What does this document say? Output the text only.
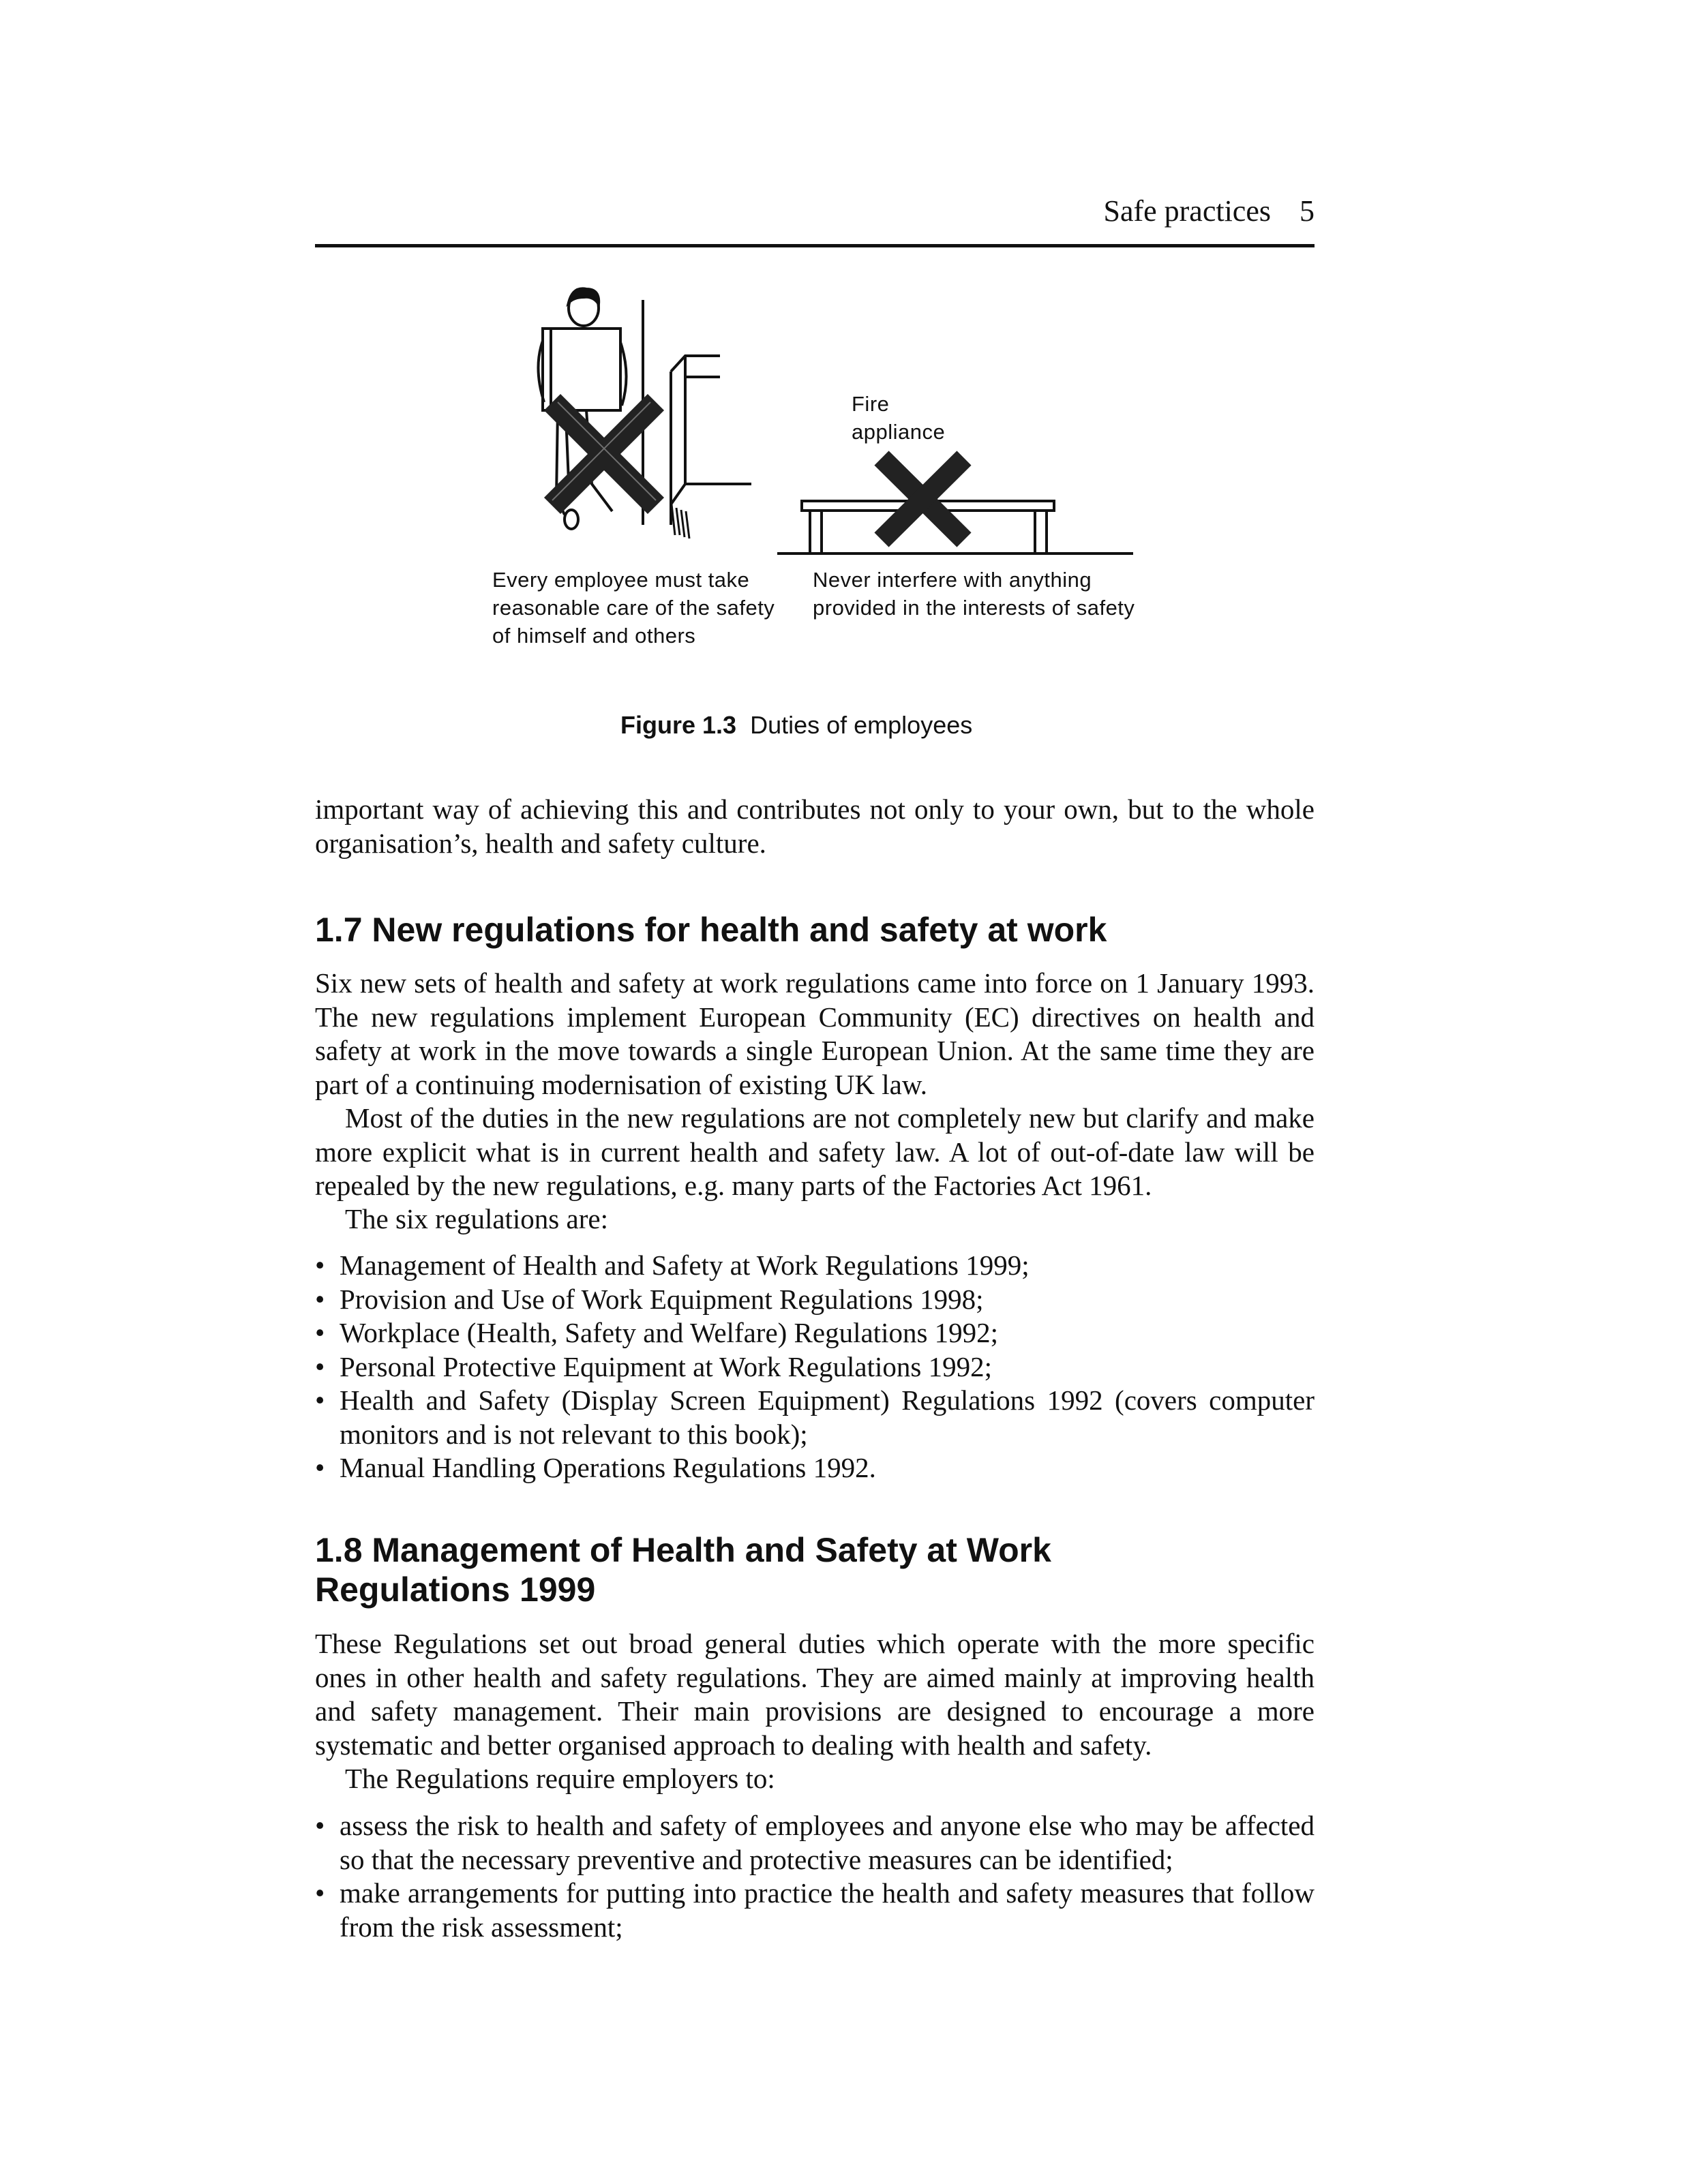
Safe practices 5
Fire appliance
Every employee must take reasonable care of the safety of himself and others
Never interfere with anything provided in the interests of safety
Figure 1.3 Duties of employees

important way of achieving this and contributes not only to your own, but to the whole organisation’s, health and safety culture.

1.7 New regulations for health and safety at work

Six new sets of health and safety at work regulations came into force on 1 January 1993. The new regulations implement European Community (EC) directives on health and safety at work in the move towards a single European Union. At the same time they are part of a continuing modernisation of existing UK law.

Most of the duties in the new regulations are not completely new but clarify and make more explicit what is in current health and safety law. A lot of out-of-date law will be repealed by the new regulations, e.g. many parts of the Factories Act 1961.

The six regulations are:

• Management of Health and Safety at Work Regulations 1999;
• Provision and Use of Work Equipment Regulations 1998;
• Workplace (Health, Safety and Welfare) Regulations 1992;
• Personal Protective Equipment at Work Regulations 1992;
• Health and Safety (Display Screen Equipment) Regulations 1992 (covers computer monitors and is not relevant to this book);
• Manual Handling Operations Regulations 1992.
1.8 Management of Health and Safety at Work
Regulations 1999

These Regulations set out broad general duties which operate with the more specific ones in other health and safety regulations. They are aimed mainly at improving health and safety management. Their main provisions are designed to encourage a more systematic and better organised approach to dealing with health and safety.

The Regulations require employers to:

• assess the risk to health and safety of employees and anyone else who may be affected so that the necessary preventive and protective measures can be identified;
• make arrangements for putting into practice the health and safety measures that follow from the risk assessment;
